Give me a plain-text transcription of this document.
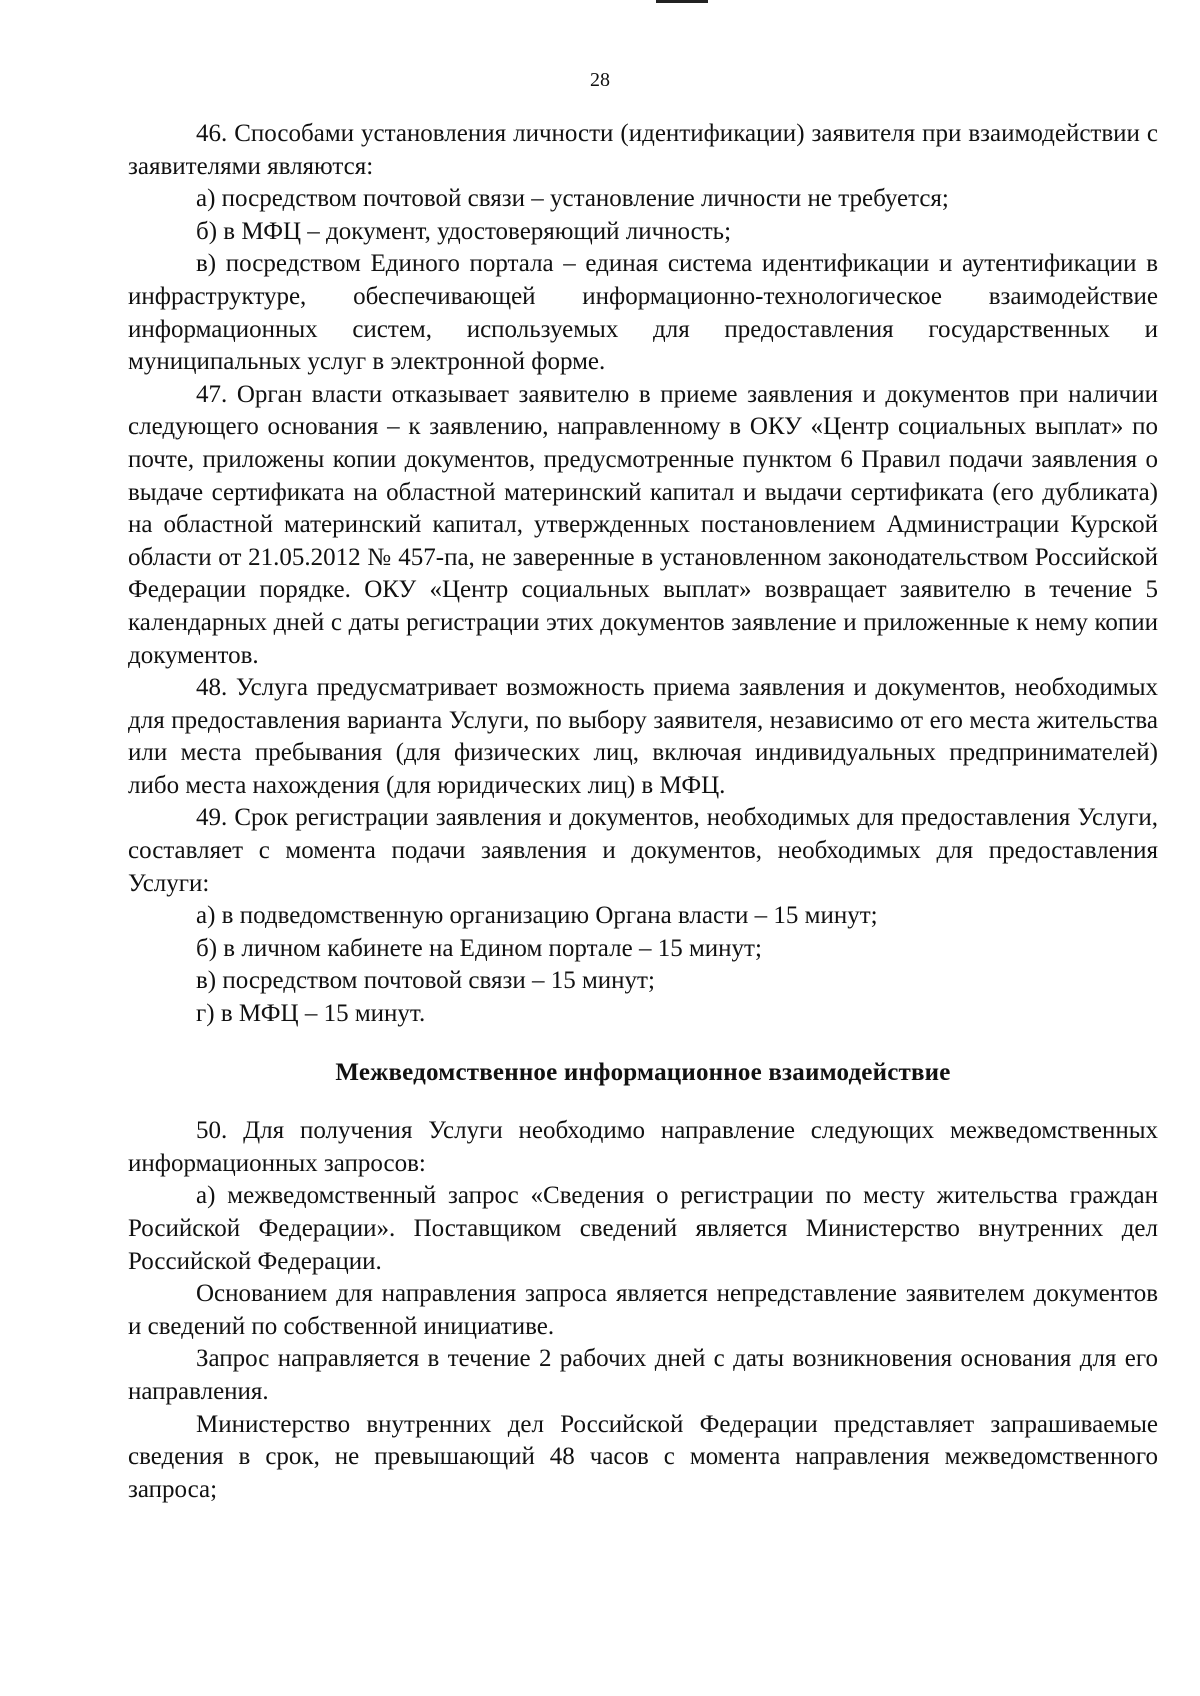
28

46. Способами установления личности (идентификации) заявителя при взаимодействии с заявителями являются:

а) посредством почтовой связи – установление личности не требуется;

б) в МФЦ – документ, удостоверяющий личность;

в) посредством Единого портала – единая система идентификации и аутентификации в инфраструктуре, обеспечивающей информационно-технологическое взаимодействие информационных систем, используемых для предоставления государственных и муниципальных услуг в электронной форме.

47. Орган власти отказывает заявителю в приеме заявления и документов при наличии следующего основания – к заявлению, направленному в ОКУ «Центр социальных выплат» по почте, приложены копии документов, предусмотренные пунктом 6 Правил подачи заявления о выдаче сертификата на областной материнский капитал и выдачи сертификата (его дубликата) на областной материнский капитал, утвержденных постановлением Администрации Курской области от 21.05.2012 № 457-па, не заверенные в установленном законодательством Российской Федерации порядке. ОКУ «Центр социальных выплат» возвращает заявителю в течение 5 календарных дней с даты регистрации этих документов заявление и приложенные к нему копии документов.

48. Услуга предусматривает возможность приема заявления и документов, необходимых для предоставления варианта Услуги, по выбору заявителя, независимо от его места жительства или места пребывания (для физических лиц, включая индивидуальных предпринимателей) либо места нахождения (для юридических лиц) в МФЦ.

49. Срок регистрации заявления и документов, необходимых для предоставления Услуги, составляет с момента подачи заявления и документов, необходимых для предоставления Услуги:

а) в подведомственную организацию Органа власти – 15 минут;

б) в личном кабинете на Едином портале – 15 минут;

в) посредством почтовой связи – 15 минут;

г) в МФЦ – 15 минут.

Межведомственное информационное взаимодействие

50. Для получения Услуги необходимо направление следующих межведомственных информационных запросов:

а) межведомственный запрос «Сведения о регистрации по месту жительства граждан Росийской Федерации». Поставщиком сведений является Министерство внутренних дел Российской Федерации.

Основанием для направления запроса является непредставление заявителем документов и сведений по собственной инициативе.

Запрос направляется в течение 2 рабочих дней с даты возникновения основания для его направления.

Министерство внутренних дел Российской Федерации представляет запрашиваемые сведения в срок, не превышающий 48 часов с момента направления межведомственного запроса;
